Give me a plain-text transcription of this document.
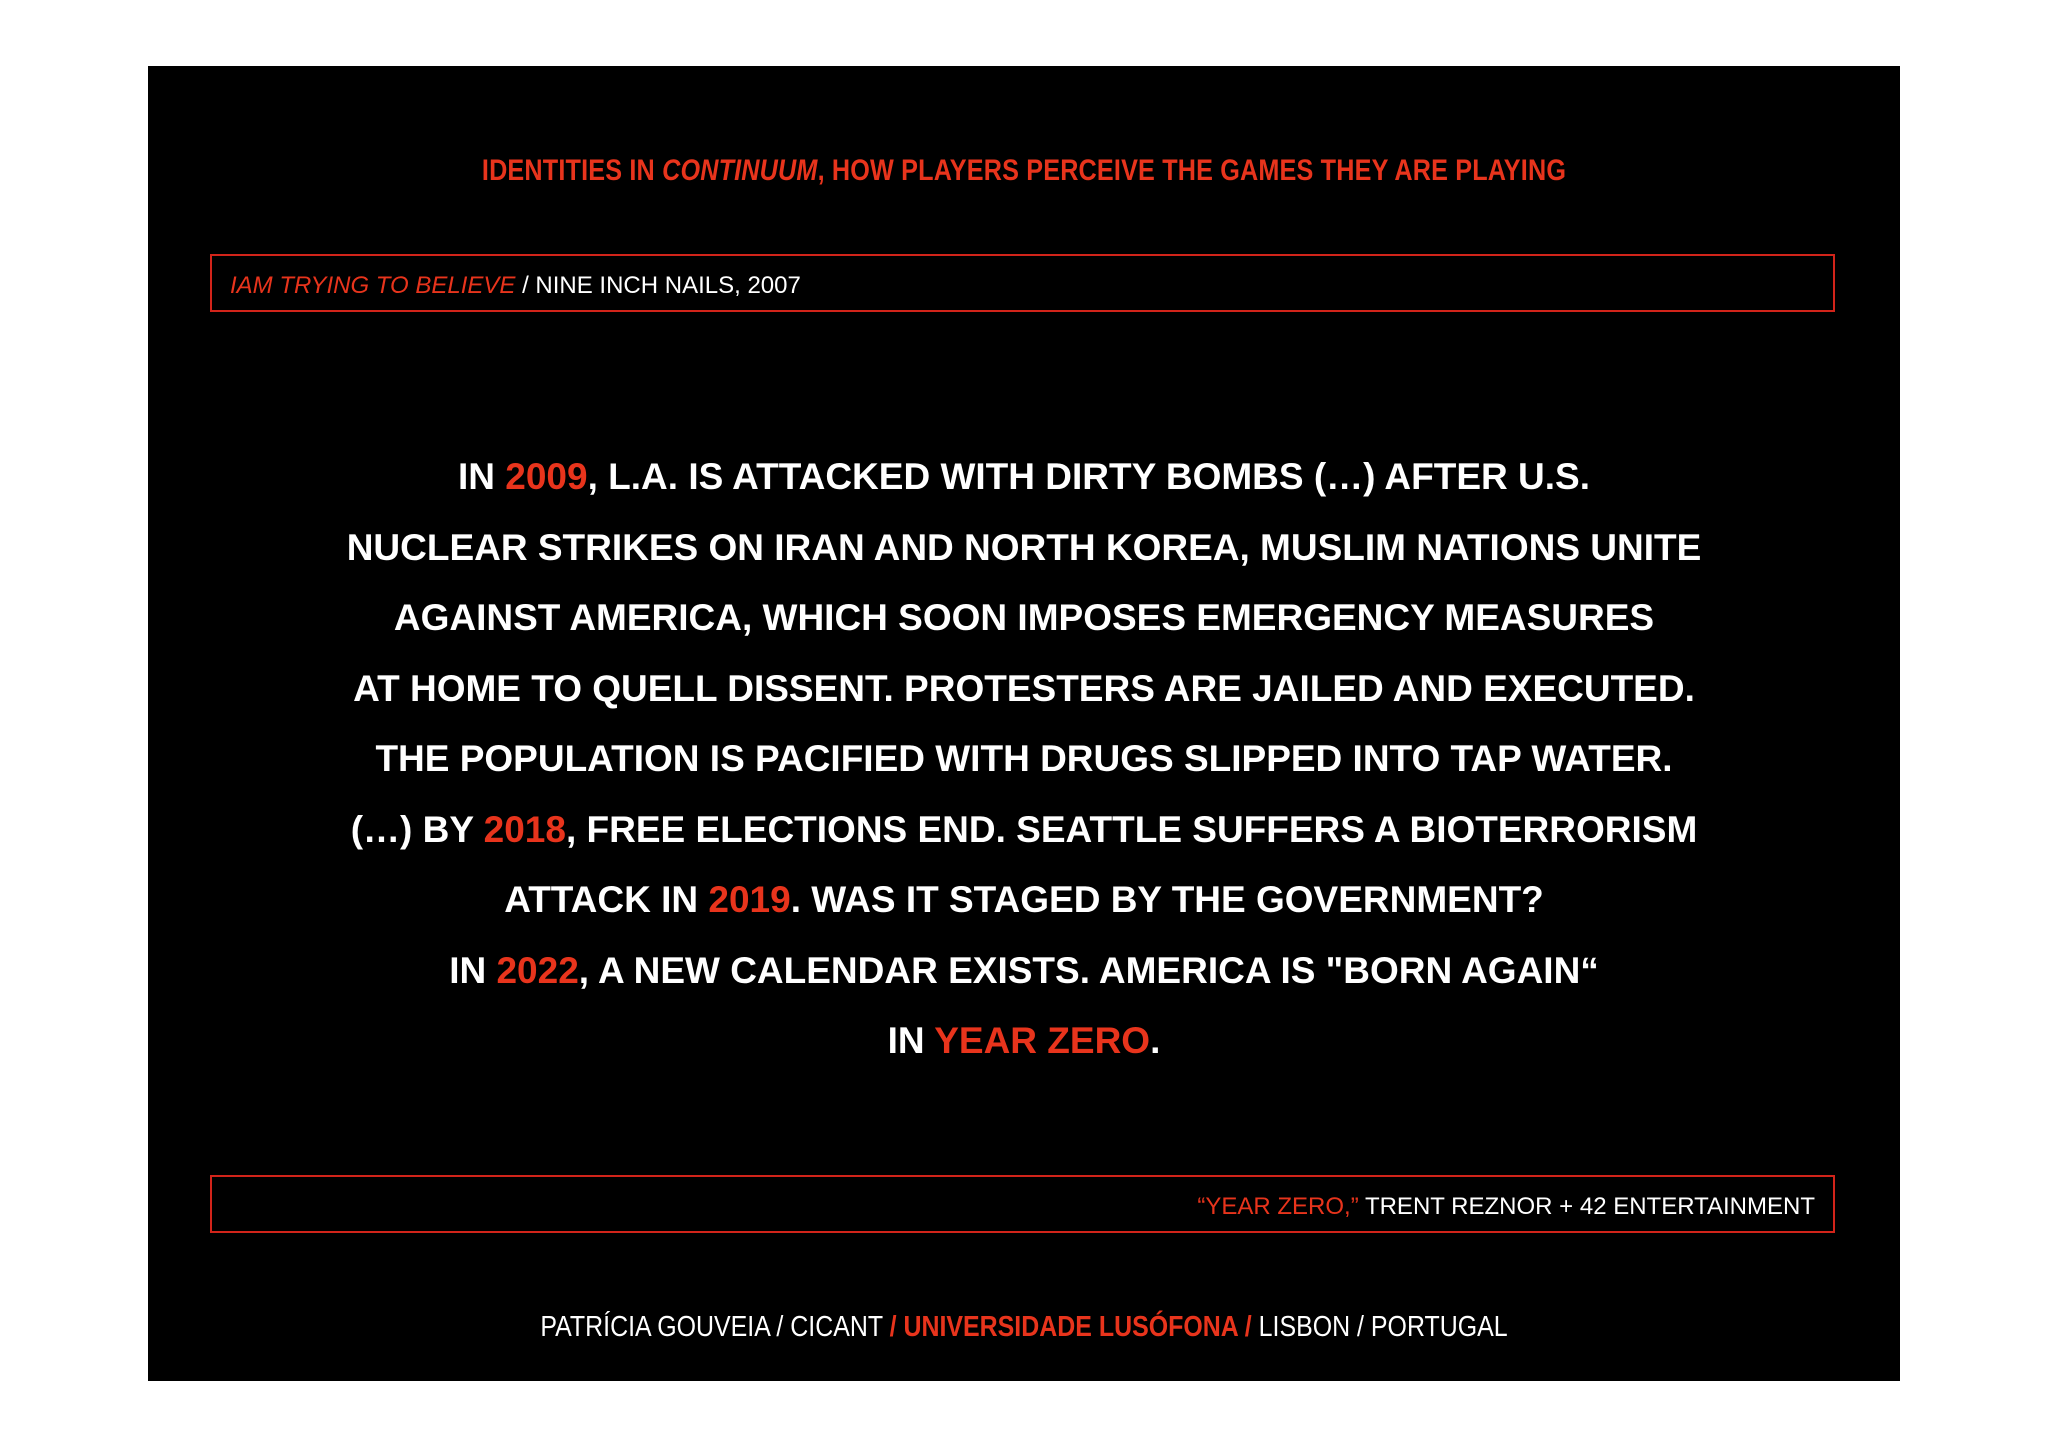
IDENTITIES IN CONTINUUM, HOW PLAYERS PERCEIVE THE GAMES THEY ARE PLAYING
IAM TRYING TO BELIEVE / NINE INCH NAILS, 2007
IN 2009, L.A. IS ATTACKED WITH DIRTY BOMBS (…) AFTER U.S.
NUCLEAR STRIKES ON IRAN AND NORTH KOREA, MUSLIM NATIONS UNITE
AGAINST AMERICA, WHICH SOON IMPOSES EMERGENCY MEASURES
AT HOME TO QUELL DISSENT. PROTESTERS ARE JAILED AND EXECUTED.
THE POPULATION IS PACIFIED WITH DRUGS SLIPPED INTO TAP WATER.
(…) BY 2018, FREE ELECTIONS END. SEATTLE SUFFERS A BIOTERRORISM
ATTACK IN 2019. WAS IT STAGED BY THE GOVERNMENT?
IN 2022, A NEW CALENDAR EXISTS. AMERICA IS "BORN AGAIN“
IN YEAR ZERO.
“YEAR ZERO,” TRENT REZNOR + 42 ENTERTAINMENT
PATRÍCIA GOUVEIA / CICANT / UNIVERSIDADE LUSÓFONA / LISBON / PORTUGAL
